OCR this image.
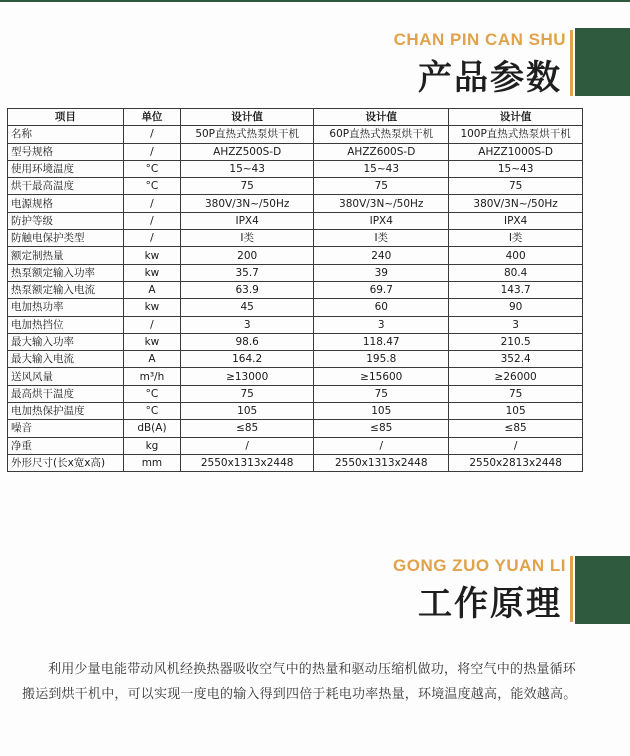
CHAN PIN CAN SHU
产品参数
项目	单位	设计值	设计值	设计值
名称	/	50P直热式热泵烘干机	60P直热式热泵烘干机	100P直热式热泵烘干机
型号规格	/	AHZZ500S-D	AHZZ600S-D	AHZZ1000S-D
使用环境温度	°C	15~43	15~43	15~43
烘干最高温度	°C	75	75	75
电源规格	/	380V/3N~/50Hz	380V/3N~/50Hz	380V/3N~/50Hz
防护等级	/	IPX4	IPX4	IPX4
防触电保护类型	/	I类	I类	I类
额定制热量	kw	200	240	400
热泵额定输入功率	kw	35.7	39	80.4
热泵额定输入电流	A	63.9	69.7	143.7
电加热功率	kw	45	60	90
电加热挡位	/	3	3	3
最大输入功率	kw	98.6	118.47	210.5
最大输入电流	A	164.2	195.8	352.4
送风风量	m³/h	≥13000	≥15600	≥26000
最高烘干温度	°C	75	75	75
电加热保护温度	°C	105	105	105
噪音	dB(A)	≤85	≤85	≤85
净重	kg	/	/	/
外形尺寸(长x宽x高)	mm	2550x1313x2448	2550x1313x2448	2550x2813x2448
GONG ZUO YUAN LI
工作原理
利用少量电能带动风机经换热器吸收空气中的热量和驱动压缩机做功，将空气中的热量循环搬运到烘干机中，可以实现一度电的输入得到四倍于耗电功率热量，环境温度越高，能效越高。
